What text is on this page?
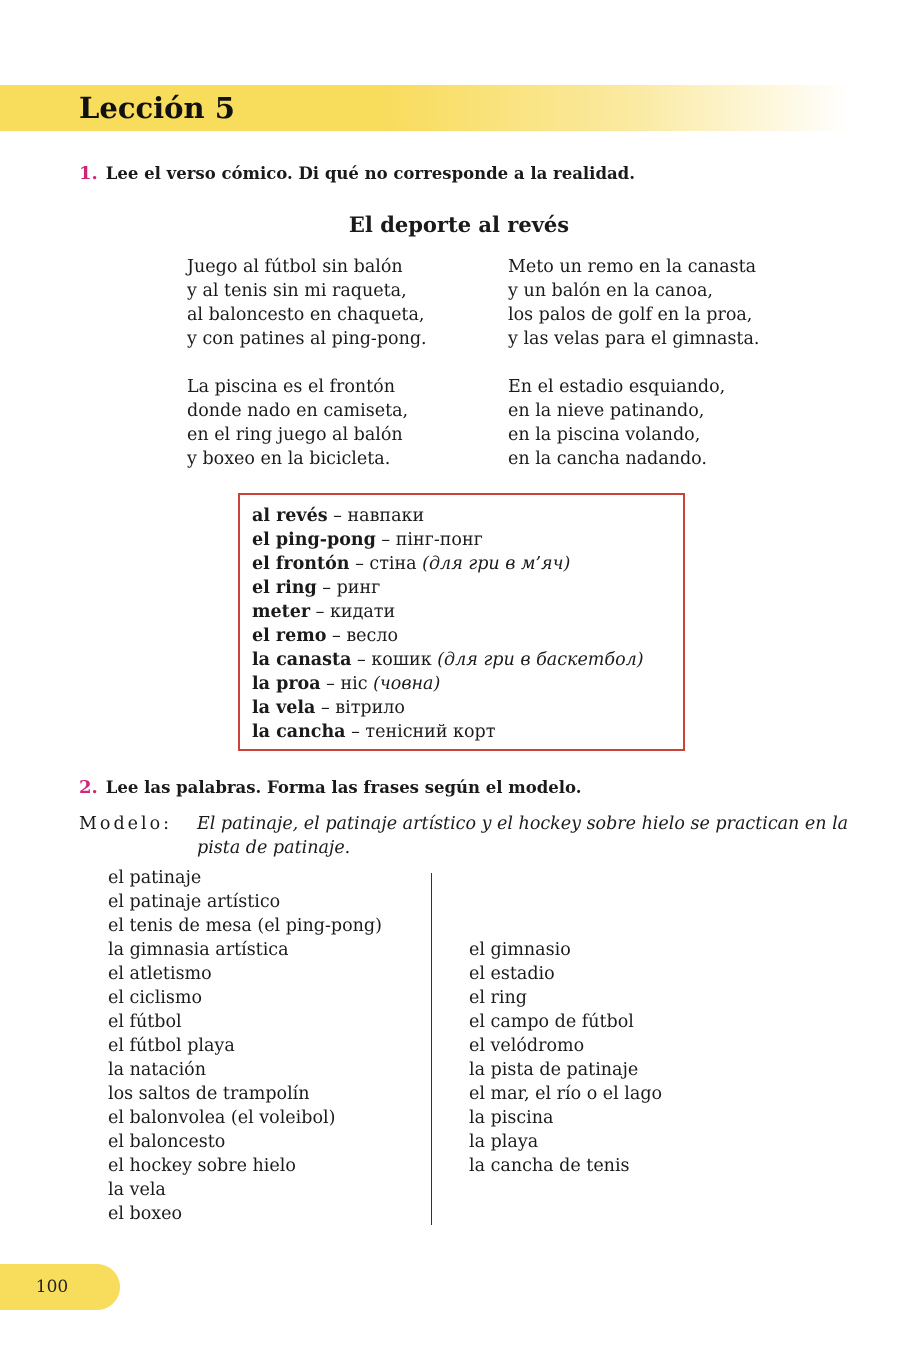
Lección 5

1. Lee el verso cómico. Di qué no corresponde a la realidad.

El deporte al revés
Juego al fútbol sin balón
y al tenis sin mi raqueta,
al baloncesto en chaqueta,
y con patines al ping-pong.
Meto un remo en la canasta
y un balón en la canoa,
los palos de golf en la proa,
y las velas para el gimnasta.
La piscina es el frontón
donde nado en camiseta,
en el ring juego al balón
y boxeo en la bicicleta.
En el estadio esquiando,
en la nieve patinando,
en la piscina volando,
en la cancha nadando.
al revés – навпаки
el ping-pong – пінг-понг
el frontón – стіна (для гри в м’яч)
el ring – ринг
meter – кидати
el remo – весло
la canasta – кошик (для гри в баскетбол)
la proa – ніс (човна)
la vela – вітрило
la cancha – тенісний корт

2. Lee las palabras. Forma las frases según el modelo.

Modelo: El patinaje, el patinaje artístico y el hockey sobre hielo se practican en la pista de patinaje.
el patinaje
el patinaje artístico
el tenis de mesa (el ping-pong)
la gimnasia artística
el atletismo
el ciclismo
el fútbol
el fútbol playa
la natación
los saltos de trampolín
el balonvolea (el voleibol)
el baloncesto
el hockey sobre hielo
la vela
el boxeo
el gimnasio
el estadio
el ring
el campo de fútbol
el velódromo
la pista de patinaje
el mar, el río o el lago
la piscina
la playa
la cancha de tenis
100
